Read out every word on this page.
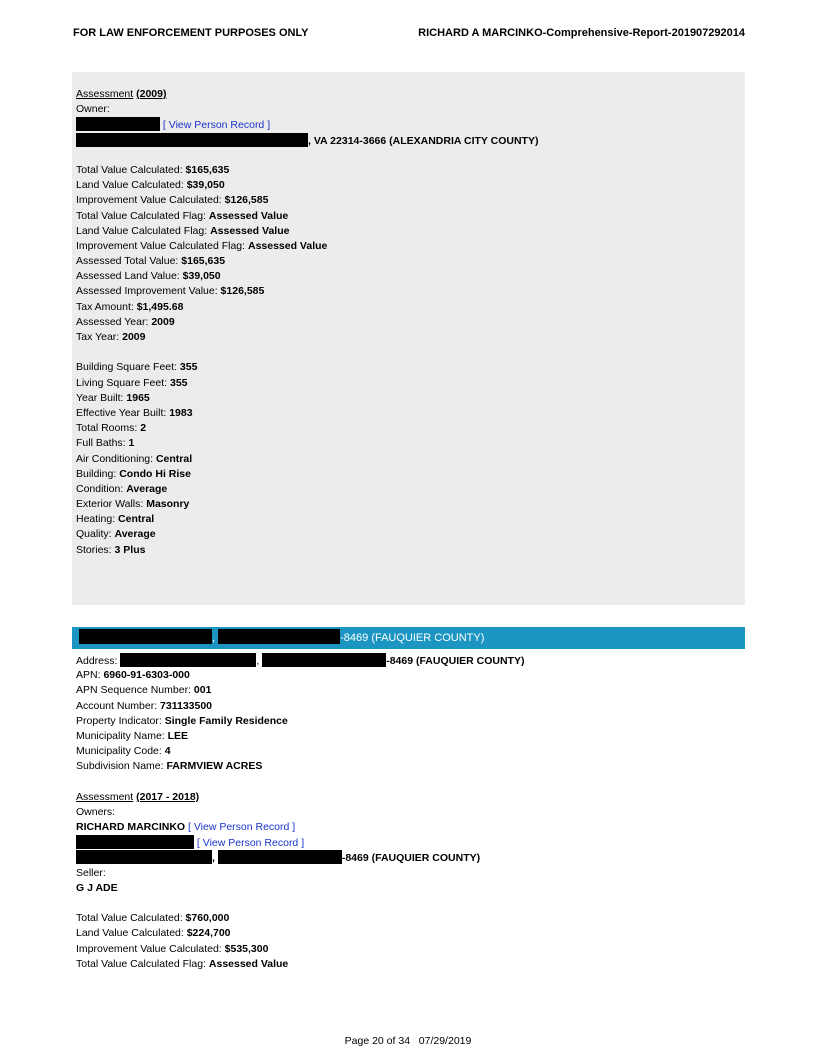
FOR LAW ENFORCEMENT PURPOSES ONLY	RICHARD A MARCINKO-Comprehensive-Report-201907292014
Assessment (2009)
Owner:
[ View Person Record ]
, VA 22314-3666 (ALEXANDRIA CITY COUNTY)
Total Value Calculated: $165,635
Land Value Calculated: $39,050
Improvement Value Calculated: $126,585
Total Value Calculated Flag: Assessed Value
Land Value Calculated Flag: Assessed Value
Improvement Value Calculated Flag: Assessed Value
Assessed Total Value: $165,635
Assessed Land Value: $39,050
Assessed Improvement Value: $126,585
Tax Amount: $1,495.68
Assessed Year: 2009
Tax Year: 2009
Building Square Feet: 355
Living Square Feet: 355
Year Built: 1965
Effective Year Built: 1983
Total Rooms: 2
Full Baths: 1
Air Conditioning: Central
Building: Condo Hi Rise
Condition: Average
Exterior Walls: Masonry
Heating: Central
Quality: Average
Stories: 3 Plus
,	-8469 (FAUQUIER COUNTY)
Address:	,	-8469 (FAUQUIER COUNTY)
APN: 6960-91-6303-000
APN Sequence Number: 001
Account Number: 731133500
Property Indicator: Single Family Residence
Municipality Name: LEE
Municipality Code: 4
Subdivision Name: FARMVIEW ACRES
Assessment (2017 - 2018)
Owners:
RICHARD MARCINKO [ View Person Record ]
[ View Person Record ]
,	-8469 (FAUQUIER COUNTY)
Seller:
G J ADE
Total Value Calculated: $760,000
Land Value Calculated: $224,700
Improvement Value Calculated: $535,300
Total Value Calculated Flag: Assessed Value
Page 20 of 34   07/29/2019
